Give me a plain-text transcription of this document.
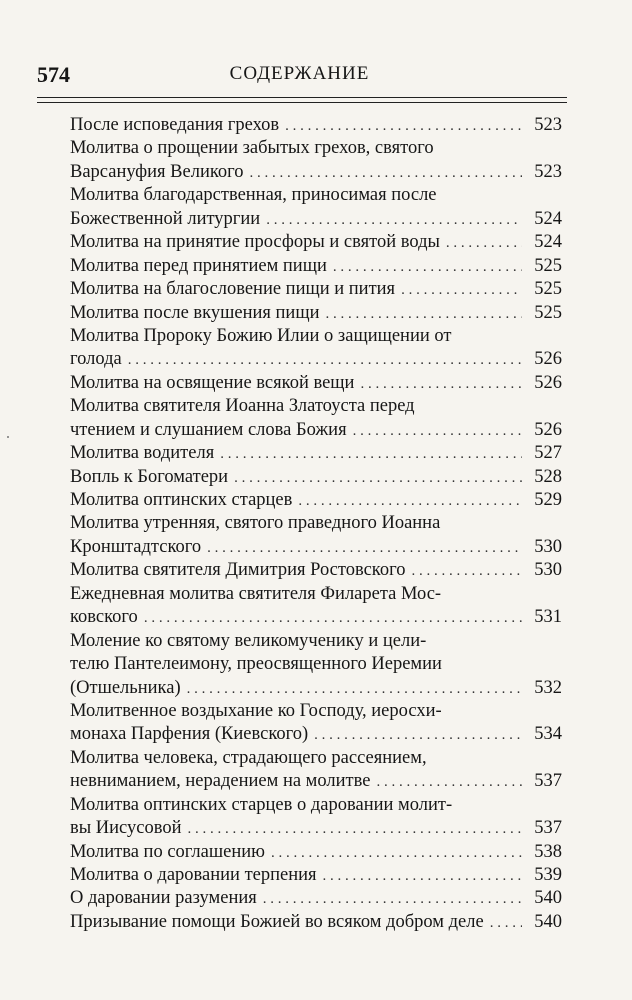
574	СОДЕРЖАНИЕ
После исповедания грехов . . .	523
Молитва о прощении забытых грехов, святого
Варсануфия Великого . . .	523
Молитва благодарственная, приносимая после
Божественной литургии . . .	524
Молитва на принятие просфоры и святой воды . . .	524
Молитва перед принятием пищи . . .	525
Молитва на благословение пищи и пития . . .	525
Молитва после вкушения пищи . . .	525
Молитва Пророку Божию Илии о защищении от
голода . . .	526
Молитва на освящение всякой вещи . . .	526
Молитва святителя Иоанна Златоуста перед
чтением и слушанием слова Божия . . .	526
Молитва водителя . . .	527
Вопль к Богоматери . . .	528
Молитва оптинских старцев . . .	529
Молитва утренняя, святого праведного Иоанна
Кронштадтского . . .	530
Молитва святителя Димитрия Ростовского . . .	530
Ежедневная молитва святителя Филарета Мос-
ковского . . .	531
Моление ко святому великомученику и цели-
телю Пантелеимону, преосвященного Иеремии
(Отшельника) . . .	532
Молитвенное воздыхание ко Господу, иеросхи-
монаха Парфения (Киевского) . . .	534
Молитва человека, страдающего рассеянием,
невниманием, нерадением на молитве . . .	537
Молитва оптинских старцев о даровании молит-
вы Иисусовой . . .	537
Молитва по соглашению . . .	538
Молитва о даровании терпения . . .	539
О даровании разумения . . .	540
Призывание помощи Божией во всяком добром деле . . .	540
